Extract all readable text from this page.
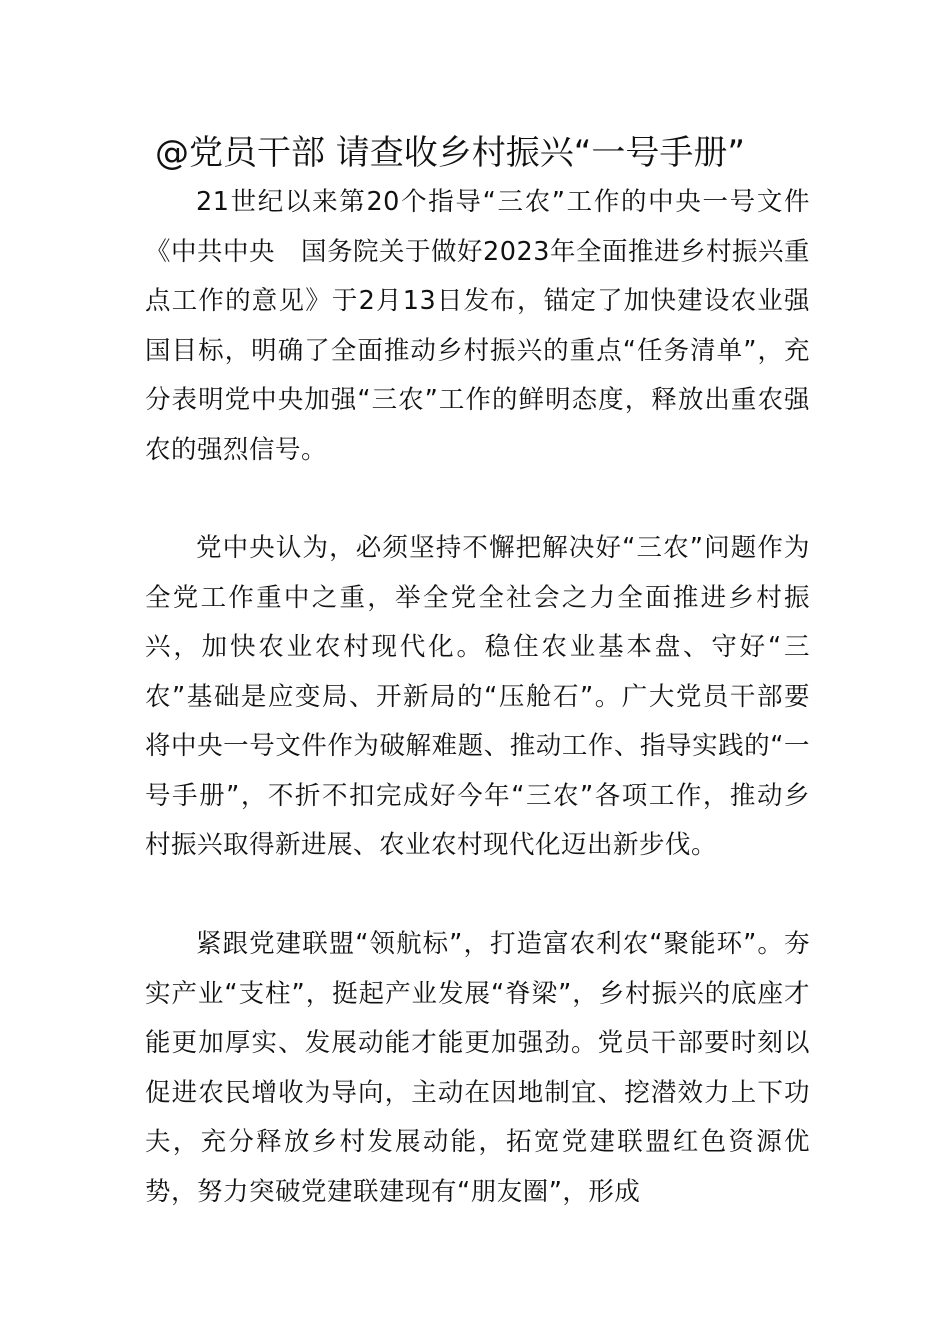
@党员干部 请查收乡村振兴“一号手册”

21世纪以来第20个指导“三农”工作的中央一号文件《中共中央　国务院关于做好2023年全面推进乡村振兴重点工作的意见》于2月13日发布，锚定了加快建设农业强国目标，明确了全面推动乡村振兴的重点“任务清单”，充分表明党中央加强“三农”工作的鲜明态度，释放出重农强农的强烈信号。

党中央认为，必须坚持不懈把解决好“三农”问题作为全党工作重中之重，举全党全社会之力全面推进乡村振兴，加快农业农村现代化。稳住农业基本盘、守好“三农”基础是应变局、开新局的“压舱石”。广大党员干部要将中央一号文件作为破解难题、推动工作、指导实践的“一号手册”，不折不扣完成好今年“三农”各项工作，推动乡村振兴取得新进展、农业农村现代化迈出新步伐。

紧跟党建联盟“领航标”，打造富农利农“聚能环”。夯实产业“支柱”，挺起产业发展“脊梁”，乡村振兴的底座才能更加厚实、发展动能才能更加强劲。党员干部要时刻以促进农民增收为导向，主动在因地制宜、挖潜效力上下功夫，充分释放乡村发展动能，拓宽党建联盟红色资源优势，努力突破党建联建现有“朋友圈”，形成
